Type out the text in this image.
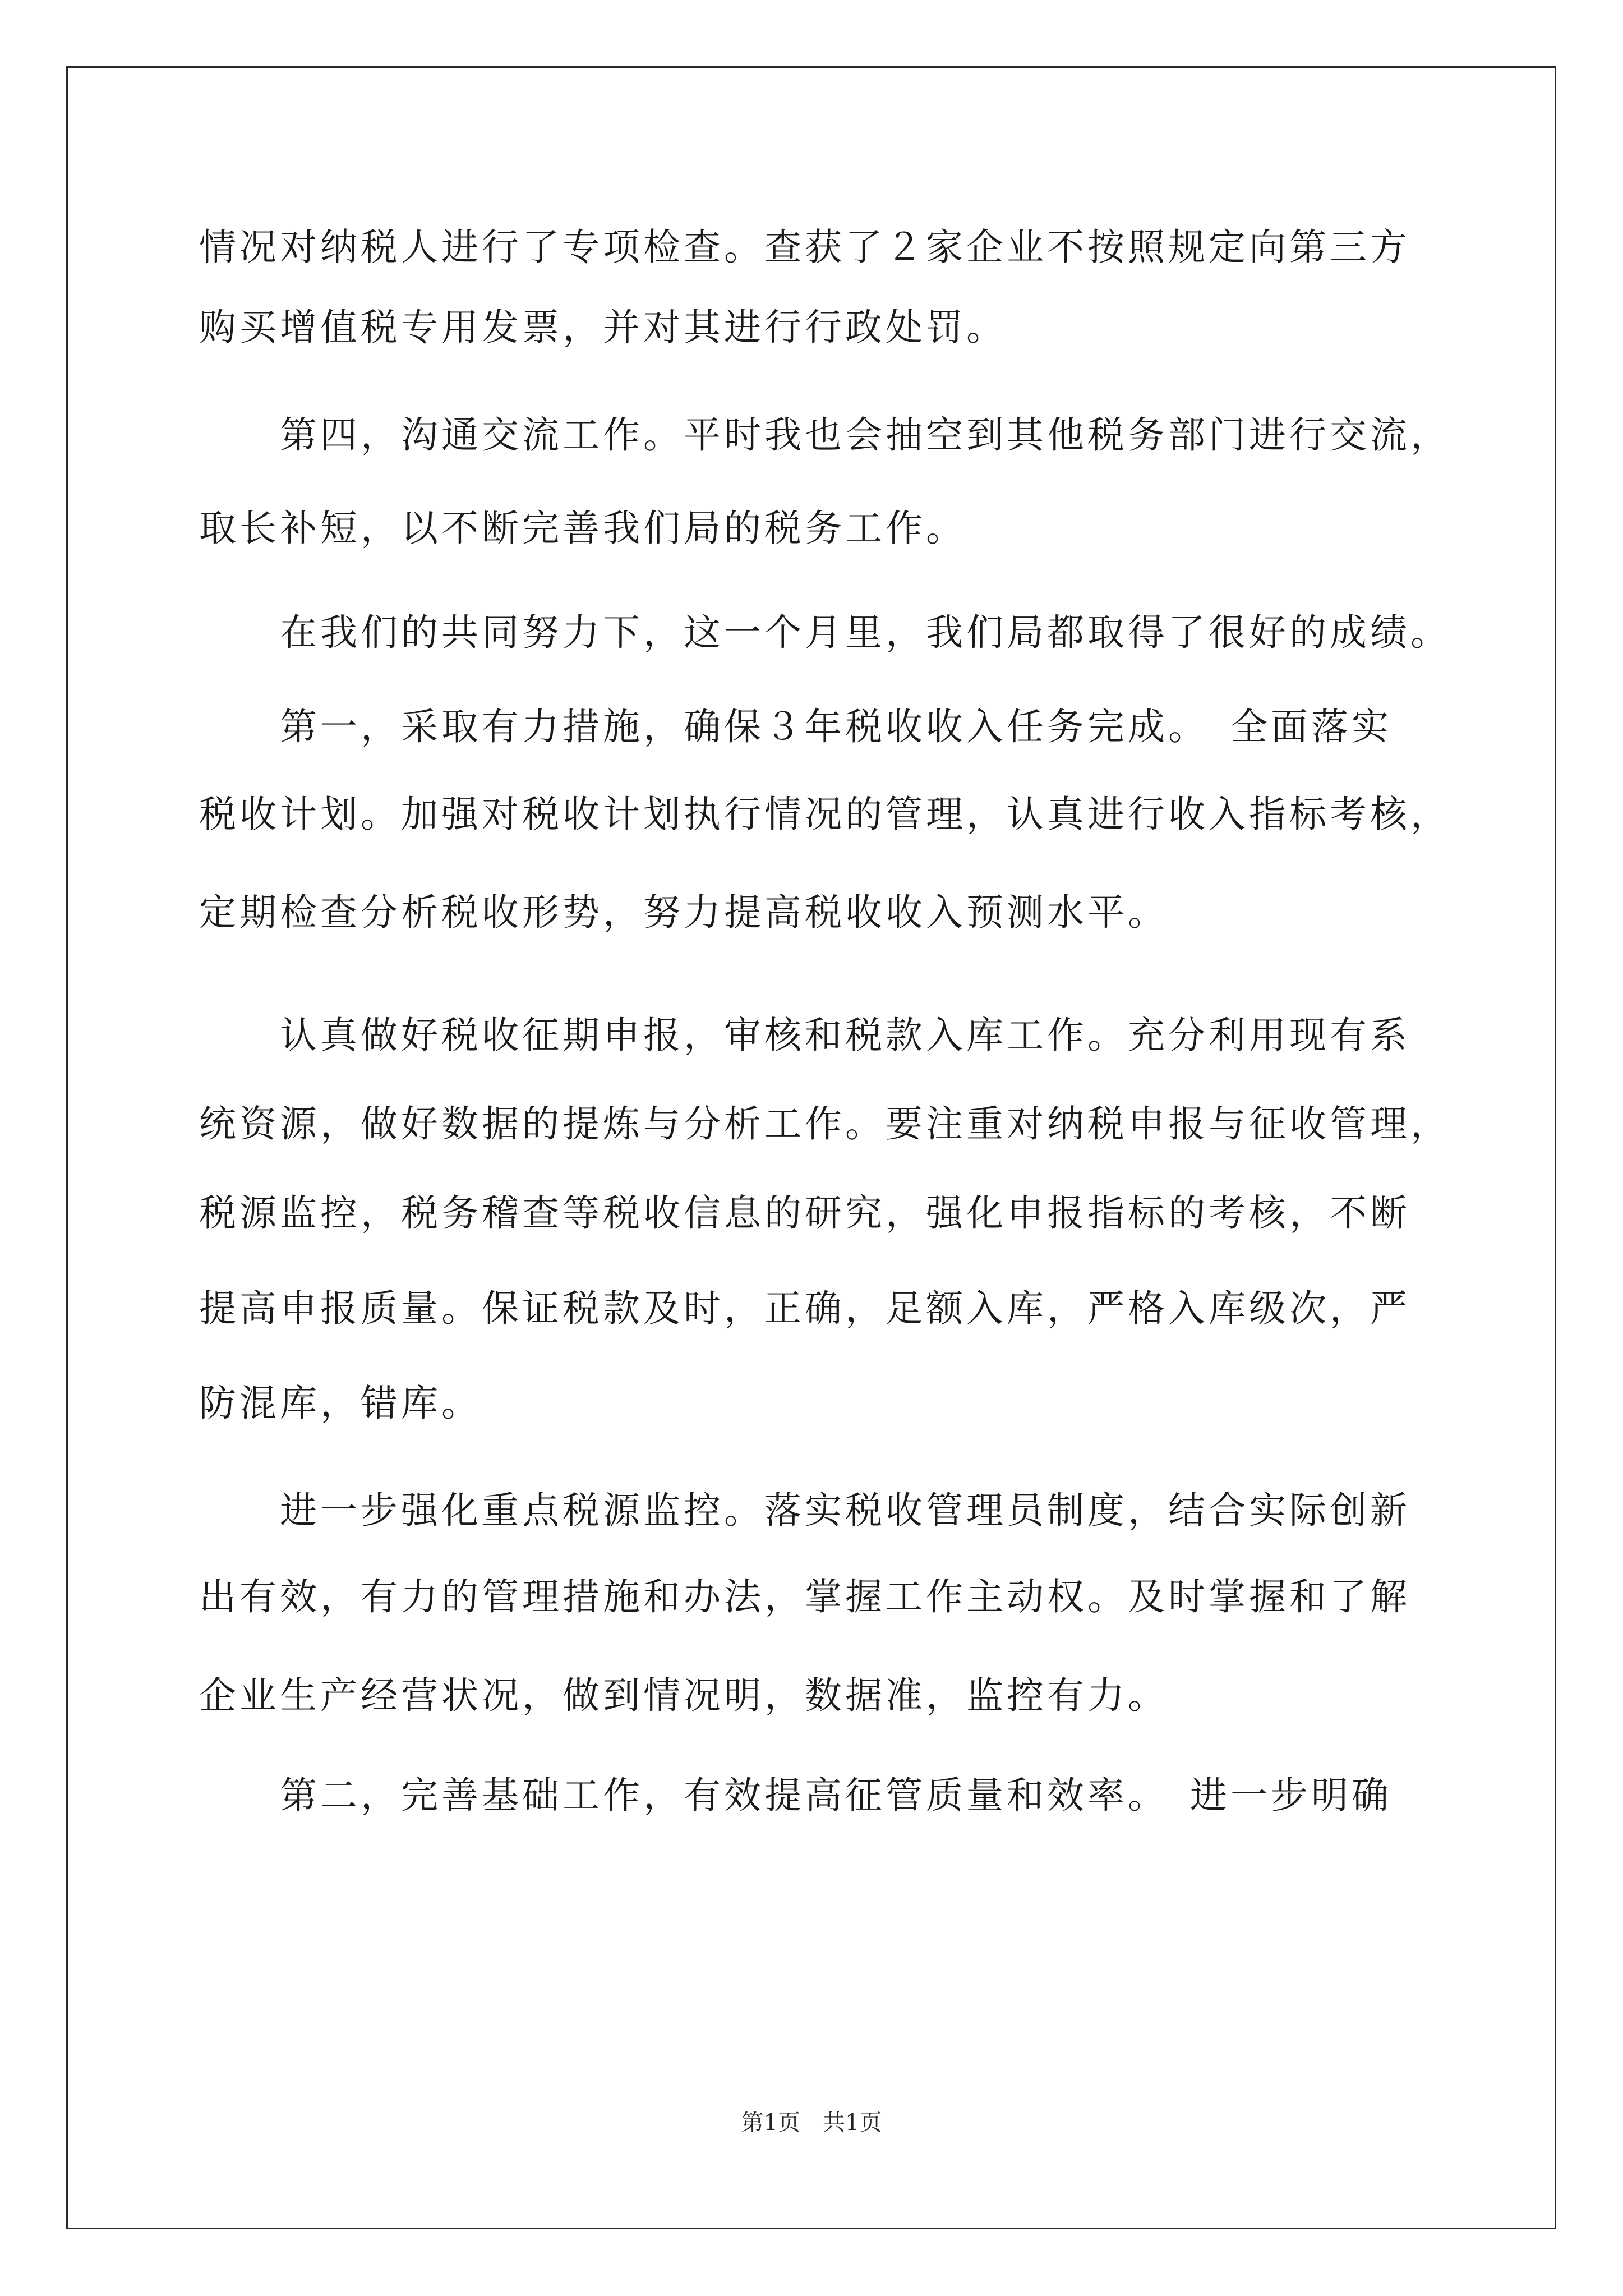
情况对纳税人进行了专项检查。查获了２家企业不按照规定向第三方
购买增值税专用发票，并对其进行行政处罚。
　　第四，沟通交流工作。平时我也会抽空到其他税务部门进行交流，
取长补短，以不断完善我们局的税务工作。
　　在我们的共同努力下，这一个月里，我们局都取得了很好的成绩。
　　第一，采取有力措施，确保３年税收收入任务完成。　全面落实
税收计划。加强对税收计划执行情况的管理，认真进行收入指标考核，
定期检查分析税收形势，努力提高税收收入预测水平。
　　认真做好税收征期申报，审核和税款入库工作。充分利用现有系
统资源，做好数据的提炼与分析工作。要注重对纳税申报与征收管理，
税源监控，税务稽查等税收信息的研究，强化申报指标的考核，不断
提高申报质量。保证税款及时，正确，足额入库，严格入库级次，严
防混库，错库。
　　进一步强化重点税源监控。落实税收管理员制度，结合实际创新
出有效，有力的管理措施和办法，掌握工作主动权。及时掌握和了解
企业生产经营状况，做到情况明，数据准，监控有力。
　　第二，完善基础工作，有效提高征管质量和效率。　进一步明确
第1页　共1页
